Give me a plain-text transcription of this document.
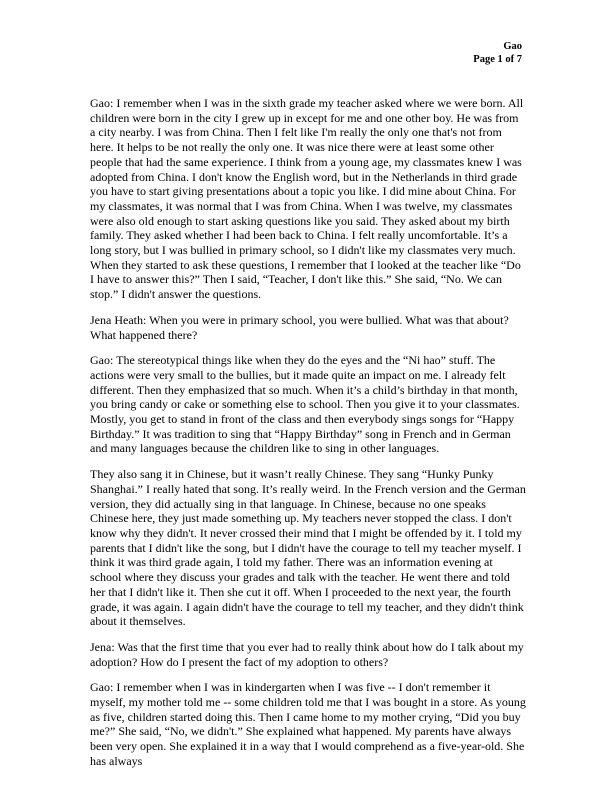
Gao
Page 1 of 7

Gao: I remember when I was in the sixth grade my teacher asked where we were born. All children were born in the city I grew up in except for me and one other boy. He was from a city nearby. I was from China. Then I felt like I'm really the only one that's not from here. It helps to be not really the only one. It was nice there were at least some other people that had the same experience. I think from a young age, my classmates knew I was adopted from China. I don't know the English word, but in the Netherlands in third grade you have to start giving presentations about a topic you like. I did mine about China. For my classmates, it was normal that I was from China. When I was twelve, my classmates were also old enough to start asking questions like you said. They asked about my birth family. They asked whether I had been back to China. I felt really uncomfortable. It’s a long story, but I was bullied in primary school, so I didn't like my classmates very much. When they started to ask these questions, I remember that I looked at the teacher like “Do I have to answer this?” Then I said, “Teacher, I don't like this.” She said, “No. We can stop.” I didn't answer the questions.

Jena Heath: When you were in primary school, you were bullied. What was that about? What happened there?

Gao: The stereotypical things like when they do the eyes and the “Ni hao” stuff. The actions were very small to the bullies, but it made quite an impact on me. I already felt different. Then they emphasized that so much. When it’s a child’s birthday in that month, you bring candy or cake or something else to school. Then you give it to your classmates. Mostly, you get to stand in front of the class and then everybody sings songs for “Happy Birthday.” It was tradition to sing that “Happy Birthday” song in French and in German and many languages because the children like to sing in other languages.

They also sang it in Chinese, but it wasn’t really Chinese. They sang “Hunky Punky Shanghai.” I really hated that song. It’s really weird. In the French version and the German version, they did actually sing in that language. In Chinese, because no one speaks Chinese here, they just made something up. My teachers never stopped the class. I don't know why they didn't. It never crossed their mind that I might be offended by it. I told my parents that I didn't like the song, but I didn't have the courage to tell my teacher myself. I think it was third grade again, I told my father. There was an information evening at school where they discuss your grades and talk with the teacher. He went there and told her that I didn't like it. Then she cut it off. When I proceeded to the next year, the fourth grade, it was again. I again didn't have the courage to tell my teacher, and they didn't think about it themselves.

Jena: Was that the first time that you ever had to really think about how do I talk about my adoption? How do I present the fact of my adoption to others?

Gao: I remember when I was in kindergarten when I was five -- I don't remember it myself, my mother told me -- some children told me that I was bought in a store. As young as five, children started doing this. Then I came home to my mother crying, “Did you buy me?” She said, “No, we didn't.” She explained what happened. My parents have always been very open. She explained it in a way that I would comprehend as a five-year-old. She has always
